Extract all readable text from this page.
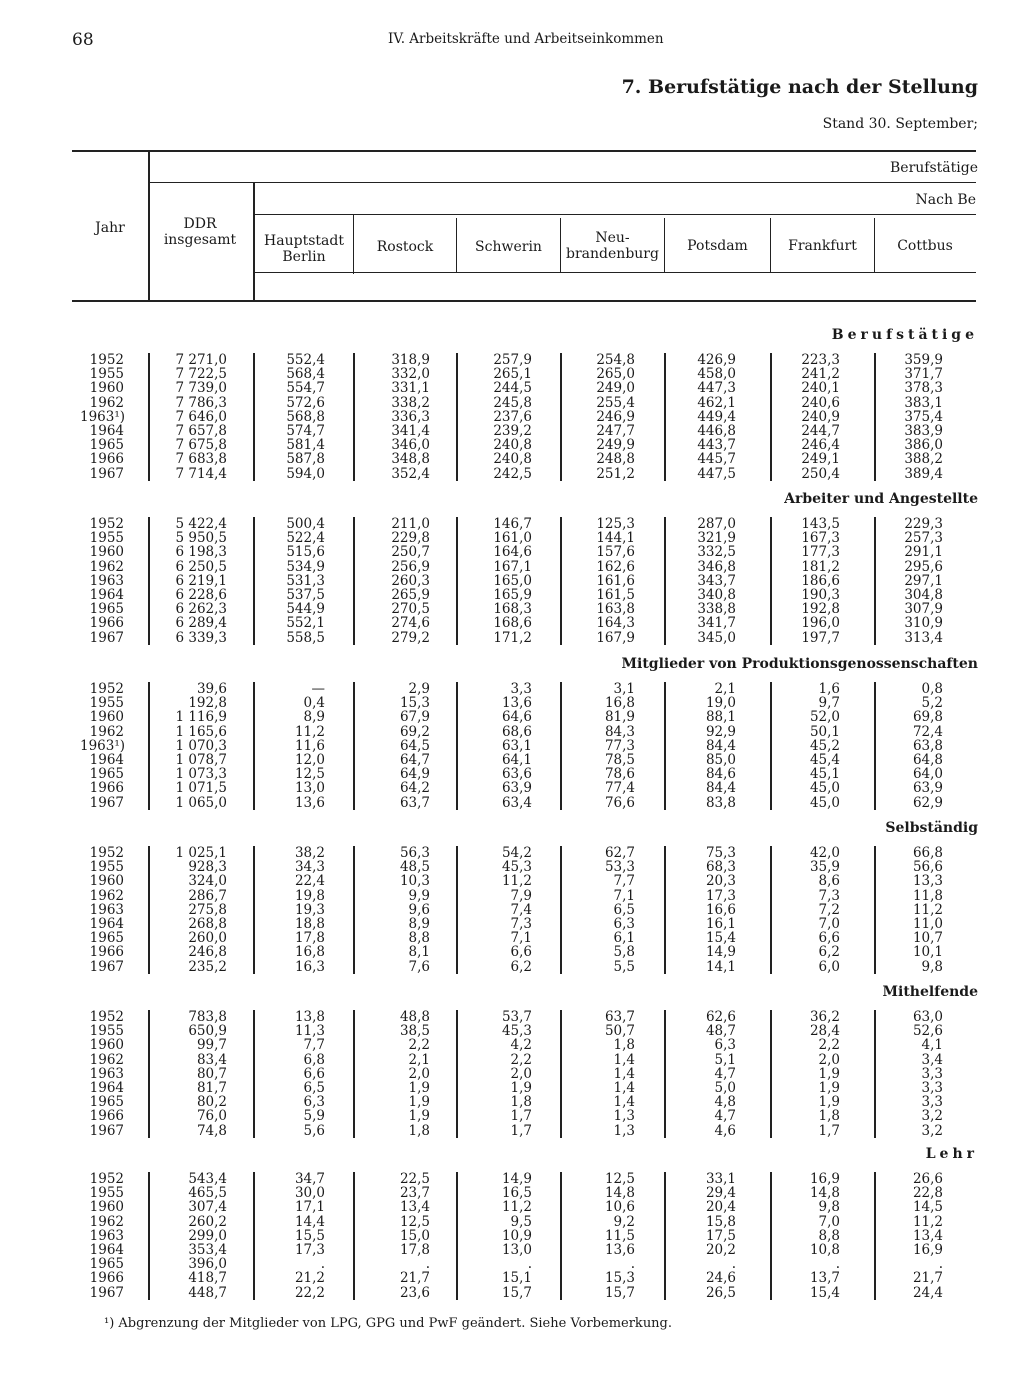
68	IV. Arbeitskräfte und Arbeitseinkommen
7. Berufstätige nach der Stellung
Stand 30. September;
Jahr	DDR
insgesamt
Berufstätige
Nach Be
Hauptstadt
Berlin
Rostock	Schwerin
Neu-
brandenburg	Potsdam	Frankfurt	Cottbus
Berufstätige
1952	7 271,0	552,4	318,9	257,9	254,8	426,9	223,3	359,9
1955	7 722,5	568,4	332,0	265,1	265,0	458,0	241,2	371,7
1960	7 739,0	554,7	331,1	244,5	249,0	447,3	240,1	378,3
1962	7 786,3	572,6	338,2	245,8	255,4	462,1	240,6	383,1
1963¹)	7 646,0	568,8	336,3	237,6	246,9	449,4	240,9	375,4
1964	7 657,8	574,7	341,4	239,2	247,7	446,8	244,7	383,9
1965	7 675,8	581,4	346,0	240,8	249,9	443,7	246,4	386,0
1966	7 683,8	587,8	348,8	240,8	248,8	445,7	249,1	388,2
1967	7 714,4	594,0	352,4	242,5	251,2	447,5	250,4	389,4
Arbeiter und Angestellte
1952	5 422,4	500,4	211,0	146,7	125,3	287,0	143,5	229,3
1955	5 950,5	522,4	229,8	161,0	144,1	321,9	167,3	257,3
1960	6 198,3	515,6	250,7	164,6	157,6	332,5	177,3	291,1
1962	6 250,5	534,9	256,9	167,1	162,6	346,8	181,2	295,6
1963	6 219,1	531,3	260,3	165,0	161,6	343,7	186,6	297,1
1964	6 228,6	537,5	265,9	165,9	161,5	340,8	190,3	304,8
1965	6 262,3	544,9	270,5	168,3	163,8	338,8	192,8	307,9
1966	6 289,4	552,1	274,6	168,6	164,3	341,7	196,0	310,9
1967	6 339,3	558,5	279,2	171,2	167,9	345,0	197,7	313,4
Mitglieder von Produktionsgenossenschaften
1952	39,6	—	2,9	3,3	3,1	2,1	1,6	0,8
1955	192,8	0,4	15,3	13,6	16,8	19,0	9,7	5,2
1960	1 116,9	8,9	67,9	64,6	81,9	88,1	52,0	69,8
1962	1 165,6	11,2	69,2	68,6	84,3	92,9	50,1	72,4
1963¹)	1 070,3	11,6	64,5	63,1	77,3	84,4	45,2	63,8
1964	1 078,7	12,0	64,7	64,1	78,5	85,0	45,4	64,8
1965	1 073,3	12,5	64,9	63,6	78,6	84,6	45,1	64,0
1966	1 071,5	13,0	64,2	63,9	77,4	84,4	45,0	63,9
1967	1 065,0	13,6	63,7	63,4	76,6	83,8	45,0	62,9
Selbständig
1952	1 025,1	38,2	56,3	54,2	62,7	75,3	42,0	66,8
1955	928,3	34,3	48,5	45,3	53,3	68,3	35,9	56,6
1960	324,0	22,4	10,3	11,2	7,7	20,3	8,6	13,3
1962	286,7	19,8	9,9	7,9	7,1	17,3	7,3	11,8
1963	275,8	19,3	9,6	7,4	6,5	16,6	7,2	11,2
1964	268,8	18,8	8,9	7,3	6,3	16,1	7,0	11,0
1965	260,0	17,8	8,8	7,1	6,1	15,4	6,6	10,7
1966	246,8	16,8	8,1	6,6	5,8	14,9	6,2	10,1
1967	235,2	16,3	7,6	6,2	5,5	14,1	6,0	9,8
Mithelfende
1952	783,8	13,8	48,8	53,7	63,7	62,6	36,2	63,0
1955	650,9	11,3	38,5	45,3	50,7	48,7	28,4	52,6
1960	99,7	7,7	2,2	4,2	1,8	6,3	2,2	4,1
1962	83,4	6,8	2,1	2,2	1,4	5,1	2,0	3,4
1963	80,7	6,6	2,0	2,0	1,4	4,7	1,9	3,3
1964	81,7	6,5	1,9	1,9	1,4	5,0	1,9	3,3
1965	80,2	6,3	1,9	1,8	1,4	4,8	1,9	3,3
1966	76,0	5,9	1,9	1,7	1,3	4,7	1,8	3,2
1967	74,8	5,6	1,8	1,7	1,3	4,6	1,7	3,2
Lehr
1952	543,4	34,7	22,5	14,9	12,5	33,1	16,9	26,6
1955	465,5	30,0	23,7	16,5	14,8	29,4	14,8	22,8
1960	307,4	17,1	13,4	11,2	10,6	20,4	9,8	14,5
1962	260,2	14,4	12,5	9,5	9,2	15,8	7,0	11,2
1963	299,0	15,5	15,0	10,9	11,5	17,5	8,8	13,4
1964	353,4	17,3	17,8	13,0	13,6	20,2	10,8	16,9
1965	396,0	.	.	.	.	.	.	.
1966	418,7	21,2	21,7	15,1	15,3	24,6	13,7	21,7
1967	448,7	22,2	23,6	15,7	15,7	26,5	15,4	24,4
¹) Abgrenzung der Mitglieder von LPG, GPG und PwF geändert. Siehe Vorbemerkung.
